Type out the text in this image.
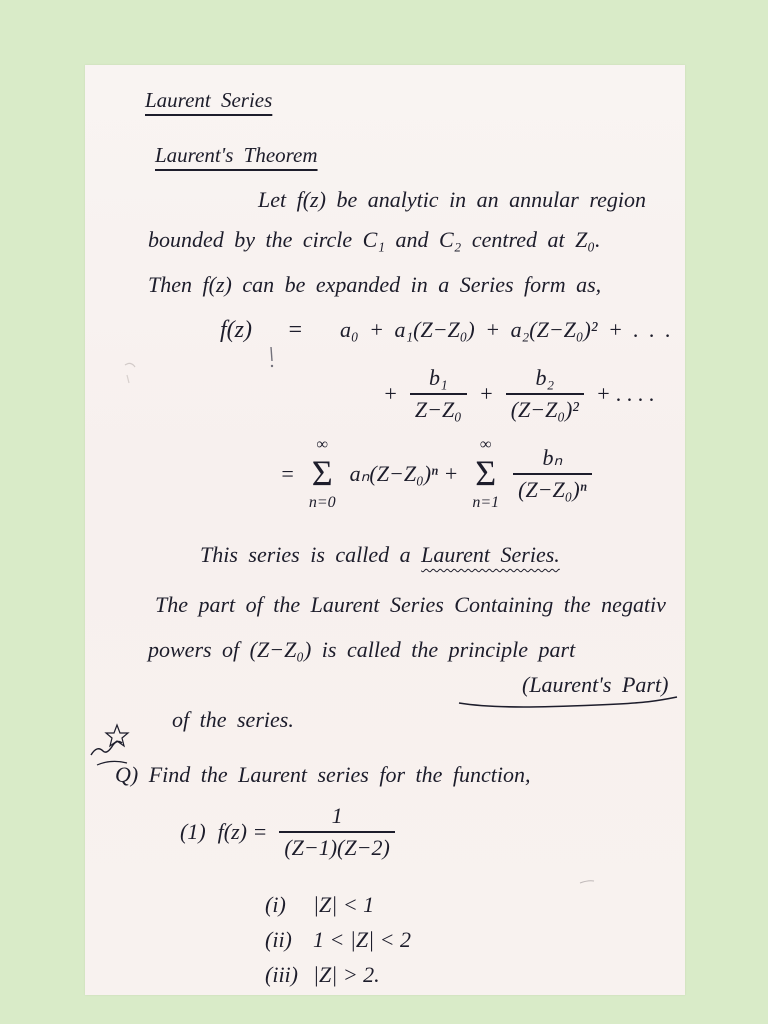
Laurent Series
Laurent's Theorem
Let f(z) be analytic in an annular region
bounded by the circle C₁ and C₂ centred at Z₀.
Then f(z) can be expanded in a Series form as,
f(z) = a₀ + a₁(Z−Z₀) + a₂(Z−Z₀)² + . . .
+ $\frac{\text{b₁}}{\text{Z−Z₀}} + \frac{\text{b₂}}{\text{(Z−Z₀)²}}$ + . . . .
=
∞
Σ
n=0
aₙ(Z−Z₀)ⁿ +
∞
Σ
$n=1 \frac{\text{bₙ}}{\text{(Z−Z₀)ⁿ}}$
This series is called a Laurent Series.
The part of the Laurent Series Containing the negativ
powers of (Z−Z₀) is called the principle part
(Laurent's Part)
of the series.
Q) Find the Laurent series for the function,
(1) $f(z) = \frac{1}{(Z-1)(Z-2)}$
(i)	|Z| < 1
(ii) 1 < |Z| < 2
(iii) |Z| > 2.
